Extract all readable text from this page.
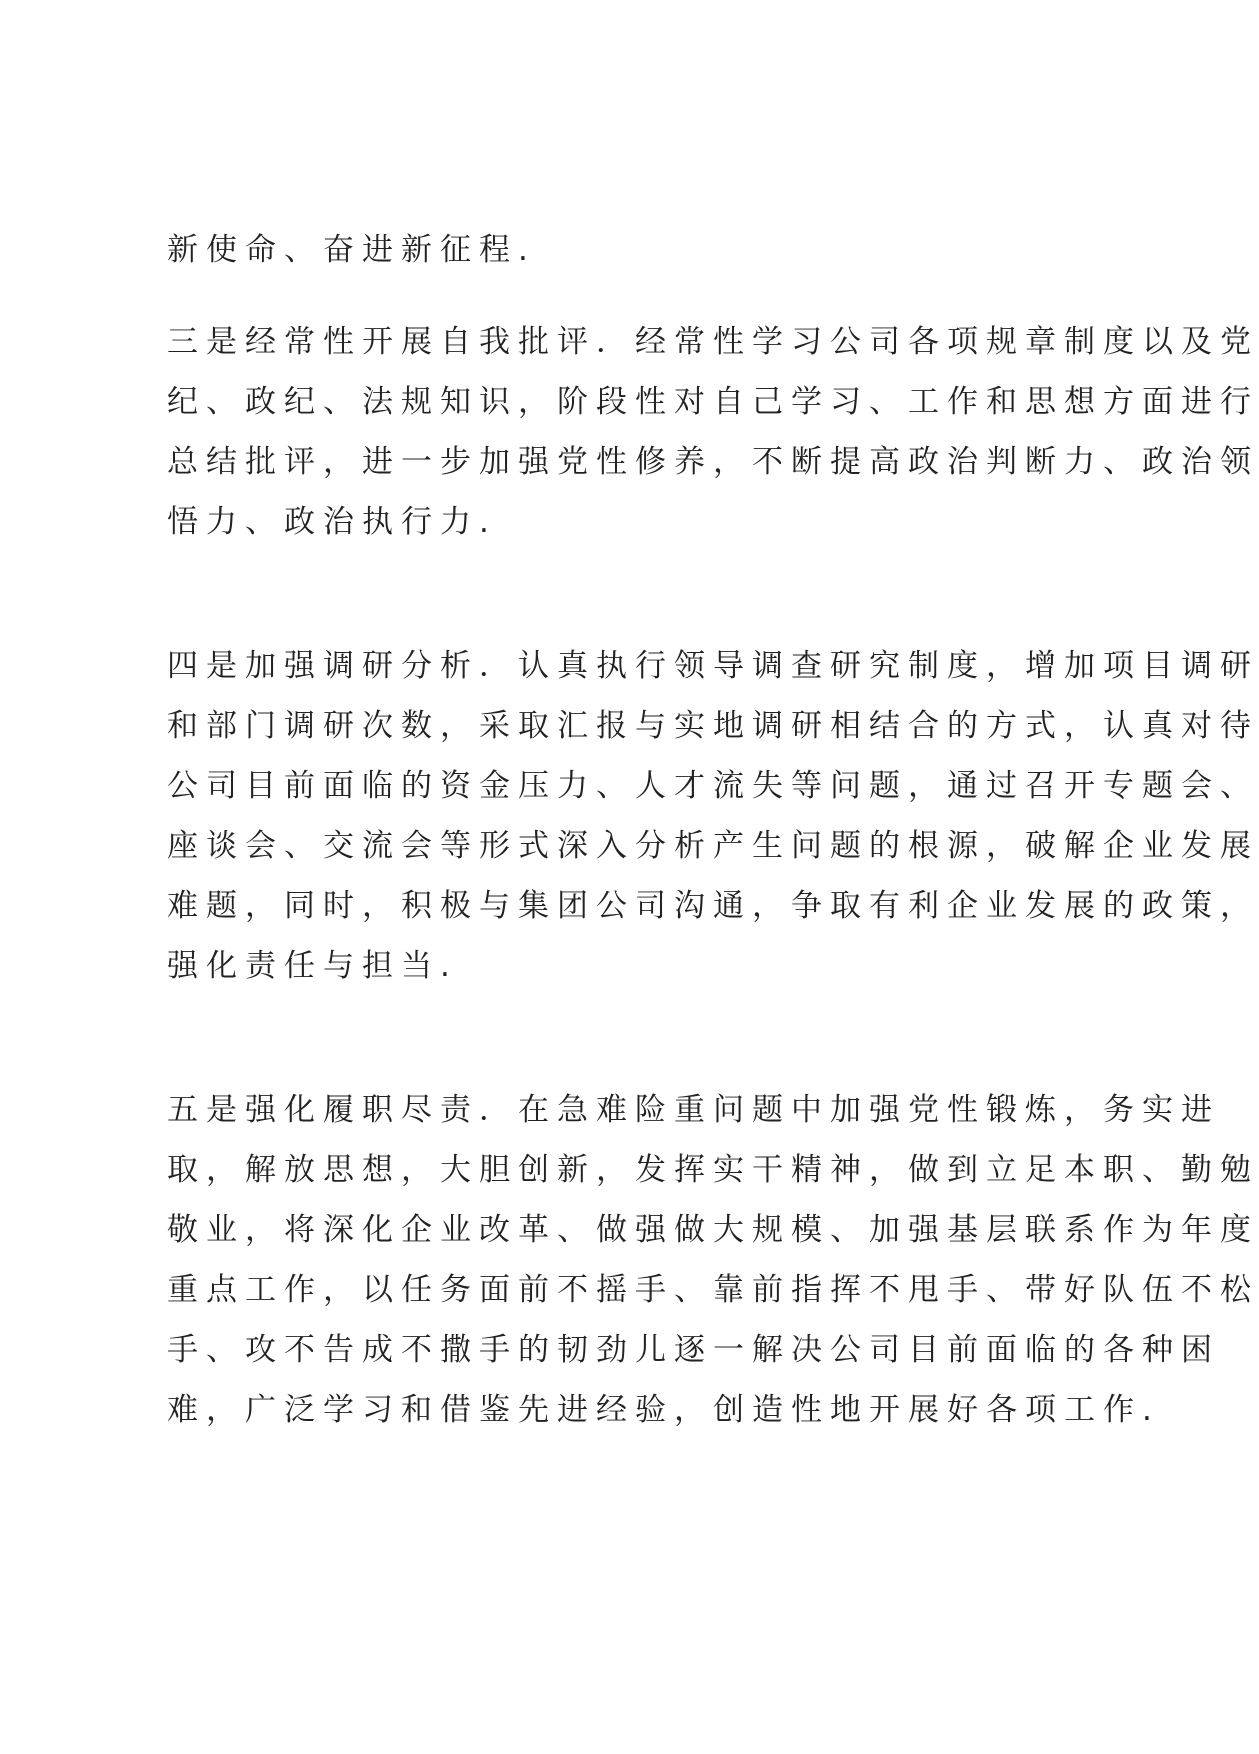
新使命、奋进新征程.
三是经常性开展自我批评．经常性学习公司各项规章制度以及党
纪、政纪、法规知识，阶段性对自己学习、工作和思想方面进行
总结批评，进一步加强党性修养，不断提高政治判断力、政治领
悟力、政治执行力.
四是加强调研分析．认真执行领导调查研究制度，增加项目调研
和部门调研次数，采取汇报与实地调研相结合的方式，认真对待
公司目前面临的资金压力、人才流失等问题，通过召开专题会、
座谈会、交流会等形式深入分析产生问题的根源，破解企业发展
难题，同时，积极与集团公司沟通，争取有利企业发展的政策，
强化责任与担当.
五是强化履职尽责．在急难险重问题中加强党性锻炼，务实进
取，解放思想，大胆创新，发挥实干精神，做到立足本职、勤勉
敬业，将深化企业改革、做强做大规模、加强基层联系作为年度
重点工作，以任务面前不摇手、靠前指挥不甩手、带好队伍不松
手、攻不告成不撒手的韧劲儿逐一解决公司目前面临的各种困
难，广泛学习和借鉴先进经验，创造性地开展好各项工作.
